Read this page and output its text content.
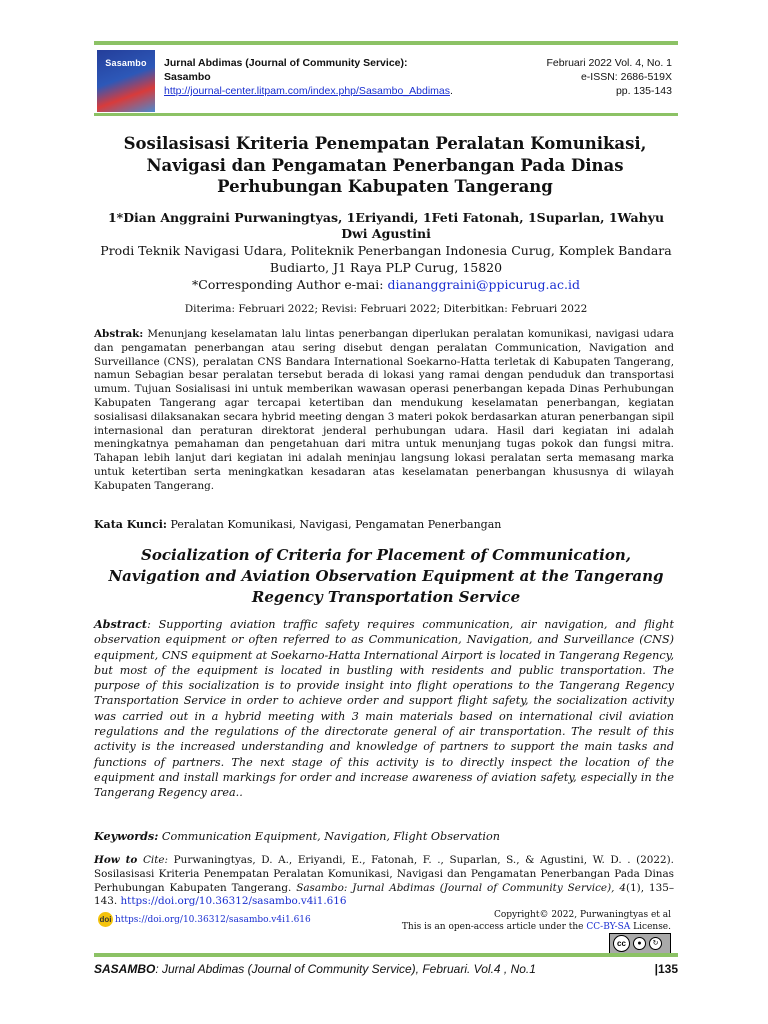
Sasambo	Jurnal Abdimas (Journal of Community Service):
Sasambo
http://journal-center.litpam.com/index.php/Sasambo_Abdimas.
Februari 2022 Vol. 4, No. 1
e-ISSN: 2686-519X
pp. 135-143
Sosilasisasi Kriteria Penempatan Peralatan Komunikasi, Navigasi dan Pengamatan Penerbangan Pada Dinas Perhubungan Kabupaten Tangerang
1*Dian Anggraini Purwaningtyas, 1Eriyandi, 1Feti Fatonah, 1Suparlan, 1Wahyu Dwi Agustini
Prodi Teknik Navigasi Udara, Politeknik Penerbangan Indonesia Curug, Komplek Bandara Budiarto, J1 Raya PLP Curug, 15820
*Corresponding Author e-mai: diananggraini@ppicurug.ac.id
Diterima: Februari 2022; Revisi: Februari 2022; Diterbitkan: Februari 2022
Abstrak: Menunjang keselamatan lalu lintas penerbangan diperlukan peralatan komunikasi, navigasi udara dan pengamatan penerbangan atau sering disebut dengan peralatan Communication, Navigation and Surveillance (CNS), peralatan CNS Bandara International Soekarno-Hatta terletak di Kabupaten Tangerang, namun Sebagian besar peralatan tersebut berada di lokasi yang ramai dengan penduduk dan transportasi umum. Tujuan Sosialisasi ini untuk memberikan wawasan operasi penerbangan kepada Dinas Perhubungan Kabupaten Tangerang agar tercapai ketertiban dan mendukung keselamatan penerbangan, kegiatan sosialisasi dilaksanakan secara hybrid meeting dengan 3 materi pokok berdasarkan aturan penerbangan sipil internasional dan peraturan direktorat jenderal perhubungan udara. Hasil dari kegiatan ini adalah meningkatnya pemahaman dan pengetahuan dari mitra untuk menunjang tugas pokok dan fungsi mitra. Tahapan lebih lanjut dari kegiatan ini adalah meninjau langsung lokasi peralatan serta memasang marka untuk ketertiban serta meningkatkan kesadaran atas keselamatan penerbangan khususnya di wilayah Kabupaten Tangerang.
Kata Kunci: Peralatan Komunikasi, Navigasi, Pengamatan Penerbangan
Socialization of Criteria for Placement of Communication, Navigation and Aviation Observation Equipment at the Tangerang Regency Transportation Service
Abstract: Supporting aviation traffic safety requires communication, air navigation, and flight observation equipment or often referred to as Communication, Navigation, and Surveillance (CNS) equipment, CNS equipment at Soekarno-Hatta International Airport is located in Tangerang Regency, but most of the equipment is located in bustling with residents and public transportation. The purpose of this socialization is to provide insight into flight operations to the Tangerang Regency Transportation Service in order to achieve order and support flight safety, the socialization activity was carried out in a hybrid meeting with 3 main materials based on international civil aviation regulations and the regulations of the directorate general of air transportation. The result of this activity is the increased understanding and knowledge of partners to support the main tasks and functions of partners. The next stage of this activity is to directly inspect the location of the equipment and install markings for order and increase awareness of aviation safety, especially in the Tangerang Regency area..
Keywords: Communication Equipment, Navigation, Flight Observation
How to Cite: Purwaningtyas, D. A., Eriyandi, E., Fatonah, F. ., Suparlan, S., & Agustini, W. D. . (2022). Sosilasisasi Kriteria Penempatan Peralatan Komunikasi, Navigasi dan Pengamatan Penerbangan Pada Dinas Perhubungan Kabupaten Tangerang. Sasambo: Jurnal Abdimas (Journal of Community Service), 4(1), 135–143. https://doi.org/10.36312/sasambo.v4i1.616
doi https://doi.org/10.36312/sasambo.v4i1.616	Copyright© 2022, Purwaningtyas et al
This is an open-access article under the CC-BY-SA License.
cc	●	↻
SASAMBO: Jurnal Abdimas (Journal of Community Service), Februari. Vol.4 , No.1	|135
